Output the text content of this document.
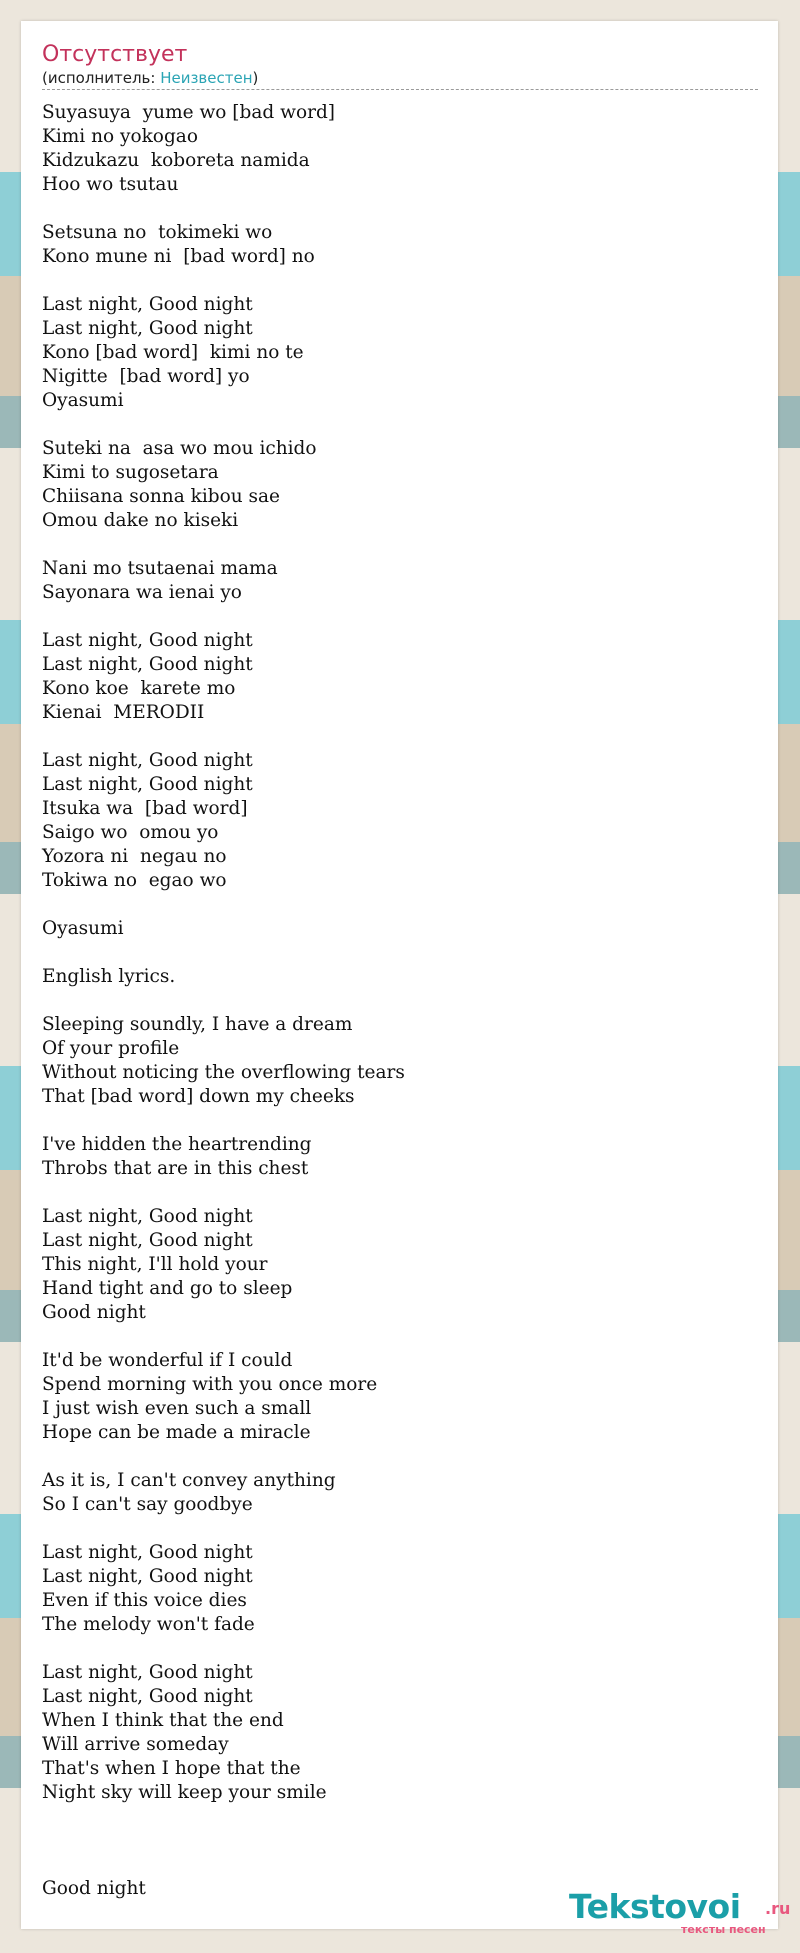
Отсутствует
(исполнитель: Неизвестен)
Suyasuya  yume wo [bad word]
Kimi no yokogao
Kidzukazu  koboreta namida
Hoo wo tsutau
Setsuna no  tokimeki wo
Kono mune ni  [bad word] no
Last night, Good night
Last night, Good night
Kono [bad word]  kimi no te
Nigitte  [bad word] yo
Oyasumi
Suteki na  asa wo mou ichido
Kimi to sugosetara
Chiisana sonna kibou sae
Omou dake no kiseki
Nani mo tsutaenai mama
Sayonara wa ienai yo
Last night, Good night
Last night, Good night
Kono koe  karete mo
Kienai  MERODII
Last night, Good night
Last night, Good night
Itsuka wa  [bad word]
Saigo wo  omou yo
Yozora ni  negau no
Tokiwa no  egao wo
Oyasumi
English lyrics.
Sleeping soundly, I have a dream
Of your profile
Without noticing the overflowing tears
That [bad word] down my cheeks
I've hidden the heartrending
Throbs that are in this chest
Last night, Good night
Last night, Good night
This night, I'll hold your
Hand tight and go to sleep
Good night
It'd be wonderful if I could
Spend morning with you once more
I just wish even such a small
Hope can be made a miracle
As it is, I can't convey anything
So I can't say goodbye
Last night, Good night
Last night, Good night
Even if this voice dies
The melody won't fade
Last night, Good night
Last night, Good night
When I think that the end
Will arrive someday
That's when I hope that the
Night sky will keep your smile
Good night	Tekstovoi .ru
тексты песен
